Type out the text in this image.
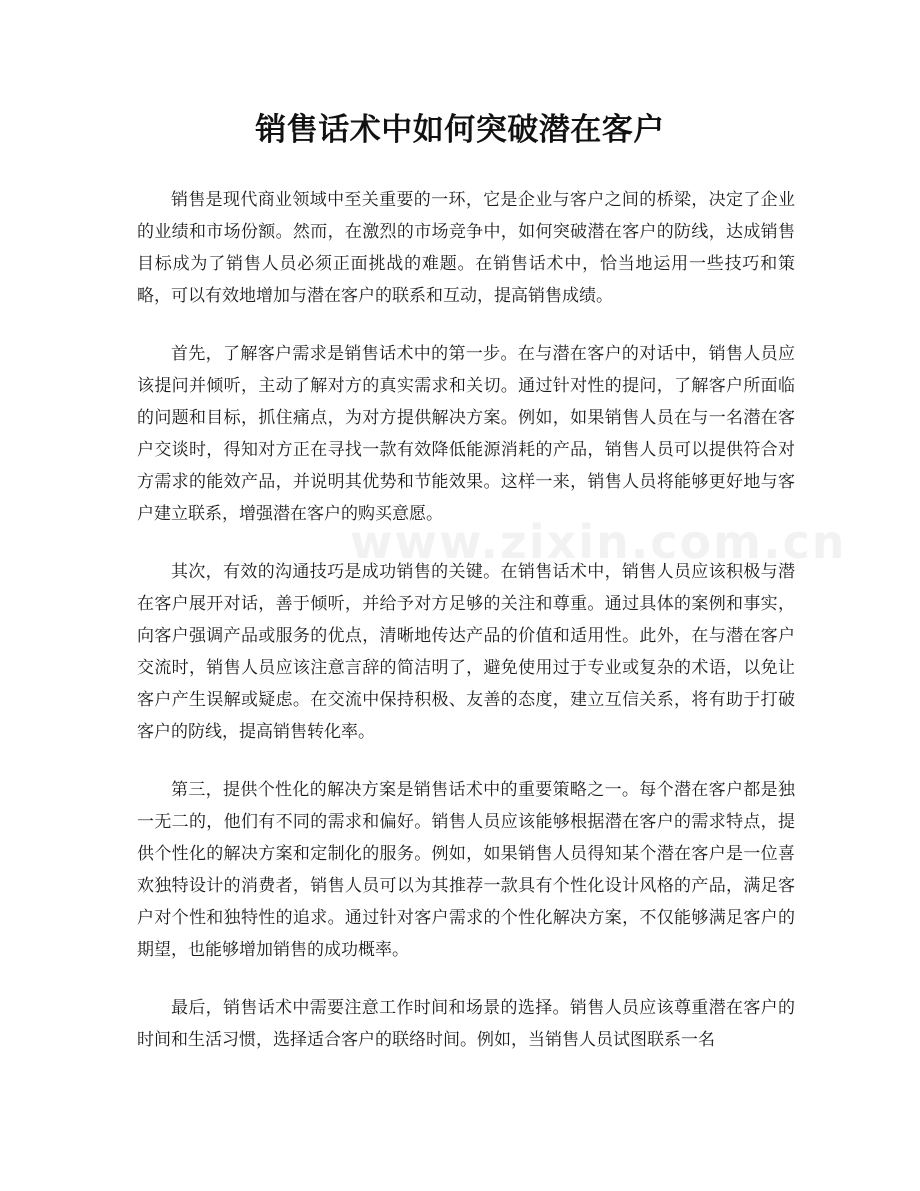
销售话术中如何突破潜在客户
www.zixin.com.cn

销售是现代商业领域中至关重要的一环，它是企业与客户之间的桥梁，决定了企业的业绩和市场份额。然而，在激烈的市场竞争中，如何突破潜在客户的防线，达成销售目标成为了销售人员必须正面挑战的难题。在销售话术中，恰当地运用一些技巧和策略，可以有效地增加与潜在客户的联系和互动，提高销售成绩。

首先，了解客户需求是销售话术中的第一步。在与潜在客户的对话中，销售人员应该提问并倾听，主动了解对方的真实需求和关切。通过针对性的提问，了解客户所面临的问题和目标，抓住痛点，为对方提供解决方案。例如，如果销售人员在与一名潜在客户交谈时，得知对方正在寻找一款有效降低能源消耗的产品，销售人员可以提供符合对方需求的能效产品，并说明其优势和节能效果。这样一来，销售人员将能够更好地与客户建立联系，增强潜在客户的购买意愿。

其次，有效的沟通技巧是成功销售的关键。在销售话术中，销售人员应该积极与潜在客户展开对话，善于倾听，并给予对方足够的关注和尊重。通过具体的案例和事实，向客户强调产品或服务的优点，清晰地传达产品的价值和适用性。此外，在与潜在客户交流时，销售人员应该注意言辞的简洁明了，避免使用过于专业或复杂的术语，以免让客户产生误解或疑虑。在交流中保持积极、友善的态度，建立互信关系，将有助于打破客户的防线，提高销售转化率。

第三，提供个性化的解决方案是销售话术中的重要策略之一。每个潜在客户都是独一无二的，他们有不同的需求和偏好。销售人员应该能够根据潜在客户的需求特点，提供个性化的解决方案和定制化的服务。例如，如果销售人员得知某个潜在客户是一位喜欢独特设计的消费者，销售人员可以为其推荐一款具有个性化设计风格的产品，满足客户对个性和独特性的追求。通过针对客户需求的个性化解决方案，不仅能够满足客户的期望，也能够增加销售的成功概率。

最后，销售话术中需要注意工作时间和场景的选择。销售人员应该尊重潜在客户的时间和生活习惯，选择适合客户的联络时间。例如，当销售人员试图联系一名
